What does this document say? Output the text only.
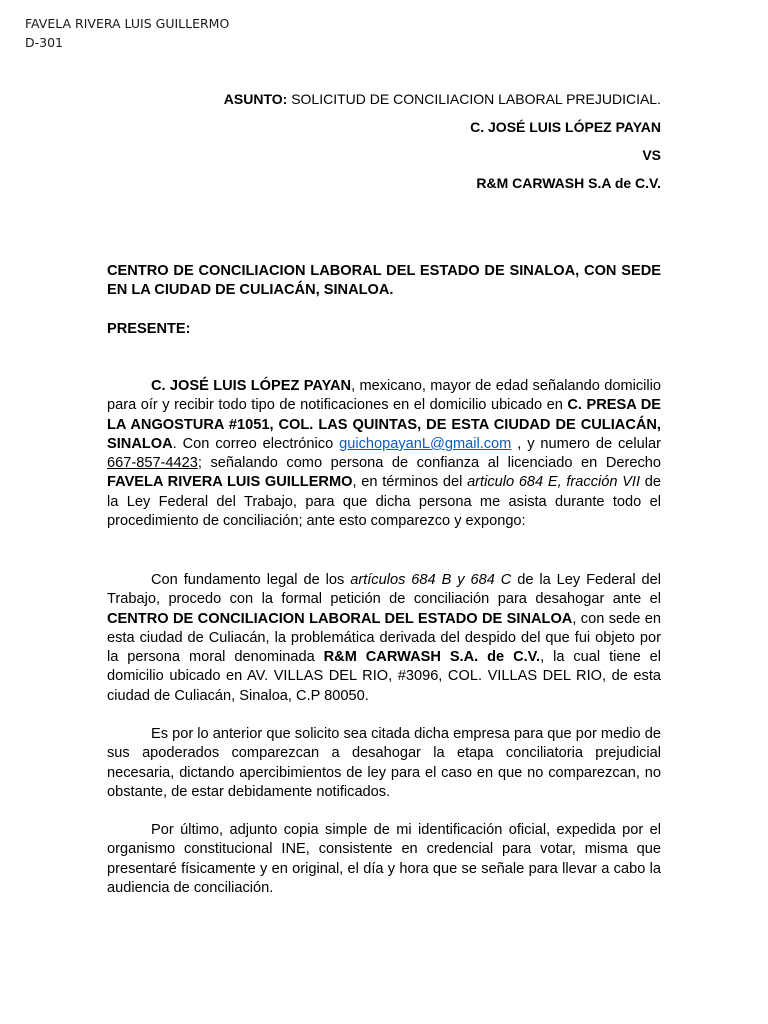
FAVELA RIVERA LUIS GUILLERMO
D-301
ASUNTO: SOLICITUD DE CONCILIACION LABORAL PREJUDICIAL.
C. JOSÉ LUIS LÓPEZ PAYAN
VS
R&M CARWASH S.A de C.V.
CENTRO DE CONCILIACION LABORAL DEL ESTADO DE SINALOA, CON SEDE EN LA CIUDAD DE CULIACÁN, SINALOA.
PRESENTE:
C. JOSÉ LUIS LÓPEZ PAYAN, mexicano, mayor de edad señalando domicilio para oír y recibir todo tipo de notificaciones en el domicilio ubicado en C. PRESA DE LA ANGOSTURA #1051, COL. LAS QUINTAS, DE ESTA CIUDAD DE CULIACÁN, SINALOA. Con correo electrónico guichopayanL@gmail.com , y numero de celular 667-857-4423; señalando como persona de confianza al licenciado en Derecho FAVELA RIVERA LUIS GUILLERMO, en términos del articulo 684 E, fracción VII de la Ley Federal del Trabajo, para que dicha persona me asista durante todo el procedimiento de conciliación; ante esto comparezco y expongo:
Con fundamento legal de los artículos 684 B y 684 C de la Ley Federal del Trabajo, procedo con la formal petición de conciliación para desahogar ante el CENTRO DE CONCILIACION LABORAL DEL ESTADO DE SINALOA, con sede en esta ciudad de Culiacán, la problemática derivada del despido del que fui objeto por la persona moral denominada R&M CARWASH S.A. de C.V., la cual tiene el domicilio ubicado en AV. VILLAS DEL RIO, #3096, COL. VILLAS DEL RIO, de esta ciudad de Culiacán, Sinaloa, C.P 80050.
Es por lo anterior que solicito sea citada dicha empresa para que por medio de sus apoderados comparezcan a desahogar la etapa conciliatoria prejudicial necesaria, dictando apercibimientos de ley para el caso en que no comparezcan, no obstante, de estar debidamente notificados.
Por último, adjunto copia simple de mi identificación oficial, expedida por el organismo constitucional INE, consistente en credencial para votar, misma que presentaré físicamente y en original, el día y hora que se señale para llevar a cabo la audiencia de conciliación.
